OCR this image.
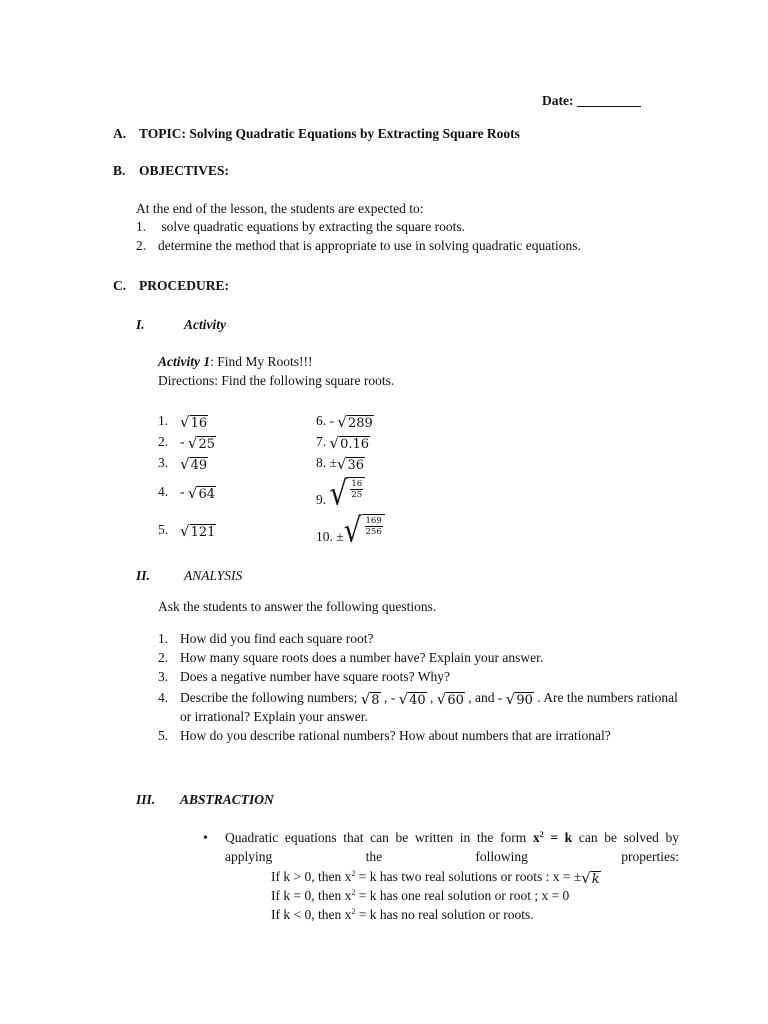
Date:
A. TOPIC: Solving Quadratic Equations by Extracting Square Roots
B. OBJECTIVES:
At the end of the lesson, the students are expected to:
1. solve quadratic equations by extracting the square roots.
2. determine the method that is appropriate to use in solving quadratic equations.
C. PROCEDURE:
I.	Activity
Activity 1: Find My Roots!!!
Directions: Find the following square roots.
1. √ 16
2. - √ 25
3. √ 49
4. - √ 64
5. √ 121
6. - √ 289
7. √ 0.16
8. ± √ 36
9. √ 16
25
10. ± √ 169
256
II.	ANALYSIS
Ask the students to answer the following questions.
1. How did you find each square root?
2. How many square roots does a number have? Explain your answer.
3. Does a negative number have square roots? Why?
4. Describe the following numbers; √ 8 , - √ 40 , √ 60 , and - √ 90 . Are the numbers rational
or irrational? Explain your answer.
5. How do you describe rational numbers? How about numbers that are irrational?
III. ABSTRACTION
• Quadratic equations that can be written in the form $x^2 = k$ can be solved by applying the following properties:
If k > 0, then $x^2 = k$ has two real solutions or roots : x = ± √ k
If k = 0, then $x^2 = k$ has one real solution or root ; x = 0
If k < 0, then $x^2 = k$ has no real solution or roots.
